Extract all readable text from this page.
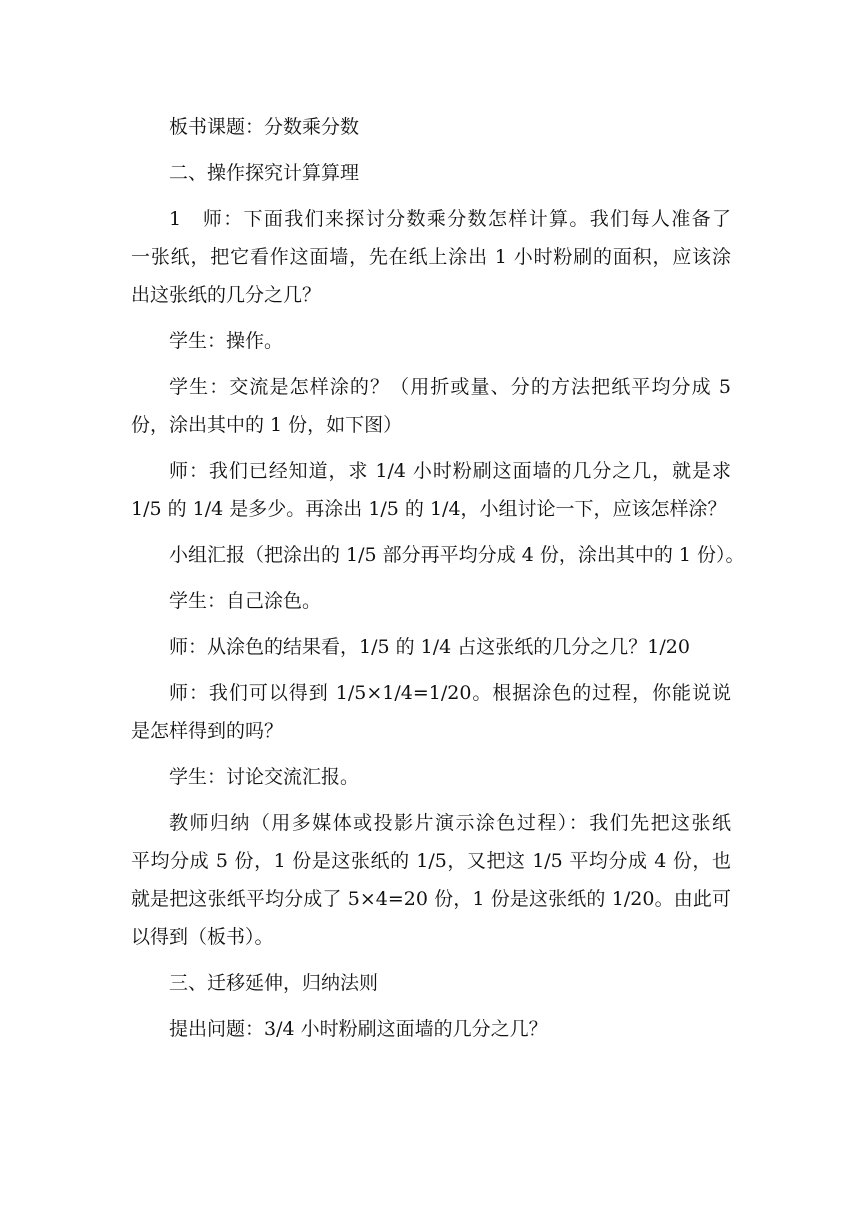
板书课题：分数乘分数
二、操作探究计算算理
1　师：下面我们来探讨分数乘分数怎样计算。我们每人准备了
一张纸，把它看作这面墙，先在纸上涂出 1 小时粉刷的面积，应该涂
出这张纸的几分之几？
学生：操作。
学生：交流是怎样涂的？（用折或量、分的方法把纸平均分成 5
份，涂出其中的 1 份，如下图）
师：我们已经知道，求 1/4 小时粉刷这面墙的几分之几，就是求
1/5 的 1/4 是多少。再涂出 1/5 的 1/4，小组讨论一下，应该怎样涂？
小组汇报（把涂出的 1/5 部分再平均分成 4 份，涂出其中的 1 份）。
学生：自己涂色。
师：从涂色的结果看，1/5 的 1/4 占这张纸的几分之几？1/20
师：我们可以得到 1/5×1/4=1/20。根据涂色的过程，你能说说
是怎样得到的吗？
学生：讨论交流汇报。
教师归纳（用多媒体或投影片演示涂色过程）：我们先把这张纸
平均分成 5 份，1 份是这张纸的 1/5，又把这 1/5 平均分成 4 份，也
就是把这张纸平均分成了 5×4=20 份，1 份是这张纸的 1/20。由此可
以得到（板书）。
三、迁移延伸，归纳法则
提出问题：3/4 小时粉刷这面墙的几分之几？
